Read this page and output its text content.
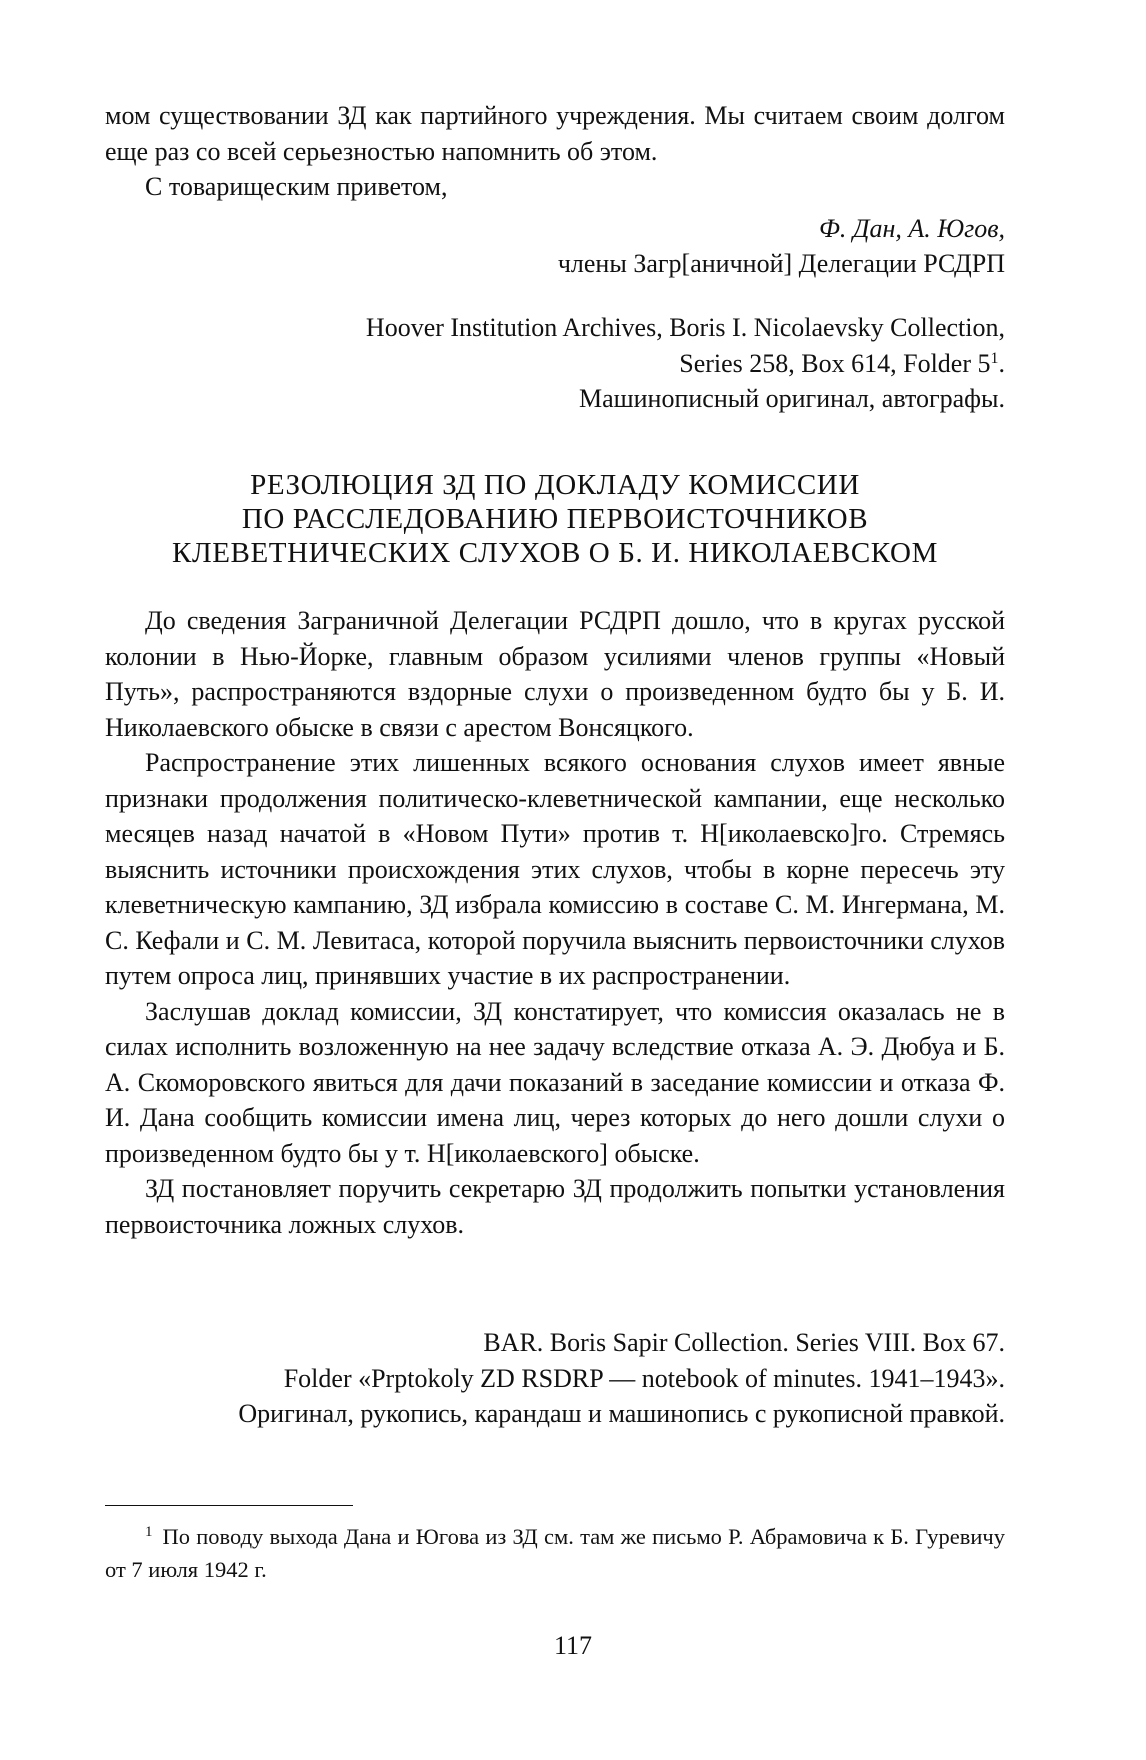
мом существовании ЗД как партийного учреждения. Мы считаем своим долгом еще раз со всей серьезностью напомнить об этом.

С товарищеским приветом,

Ф. Дан, А. Югов,

члены Загр[аничной] Делегации РСДРП

Hoover Institution Archives, Boris I. Nicolaevsky Collection,

Series 258, Box 614, Folder $5^1$.

Машинописный оригинал, автографы.

РЕЗОЛЮЦИЯ ЗД ПО ДОКЛАДУ КОМИССИИ
ПО РАССЛЕДОВАНИЮ ПЕРВОИСТОЧНИКОВ
КЛЕВЕТНИЧЕСКИХ СЛУХОВ О Б. И. НИКОЛАЕВСКОМ

До сведения Заграничной Делегации РСДРП дошло, что в кругах русской колонии в Нью-Йорке, главным образом усилиями членов группы «Новый Путь», распространяются вздорные слухи о произведенном будто бы у Б. И. Николаевского обыске в связи с арестом Вонсяцкого.

Распространение этих лишенных всякого основания слухов имеет явные признаки продолжения политическо-клеветнической кампании, еще несколько месяцев назад начатой в «Новом Пути» против т. Н[иколаевско]го. Стремясь выяснить источники происхождения этих слухов, чтобы в корне пересечь эту клеветническую кампанию, ЗД избрала комиссию в составе С. М. Ингермана, М. С. Кефали и С. М. Левитаса, которой поручила выяснить первоисточники слухов путем опроса лиц, принявших участие в их распространении.

Заслушав доклад комиссии, ЗД констатирует, что комиссия оказалась не в силах исполнить возложенную на нее задачу вследствие отказа А. Э. Дюбуа и Б. А. Скоморовского явиться для дачи показаний в заседание комиссии и отказа Ф. И. Дана сообщить комиссии имена лиц, через которых до него дошли слухи о произведенном будто бы у т. Н[иколаевского] обыске.

ЗД постановляет поручить секретарю ЗД продолжить попытки установления первоисточника ложных слухов.

BAR. Boris Sapir Collection. Series VIII. Box 67.

Folder «Prptokoly ZD RSDRP — notebook of minutes. 1941–1943».

Оригинал, рукопись, карандаш и машинопись с рукописной правкой.

$^1$ По поводу выхода Дана и Югова из ЗД см. там же письмо Р. Абрамовича к Б. Гуревичу от 7 июля 1942 г.

117
